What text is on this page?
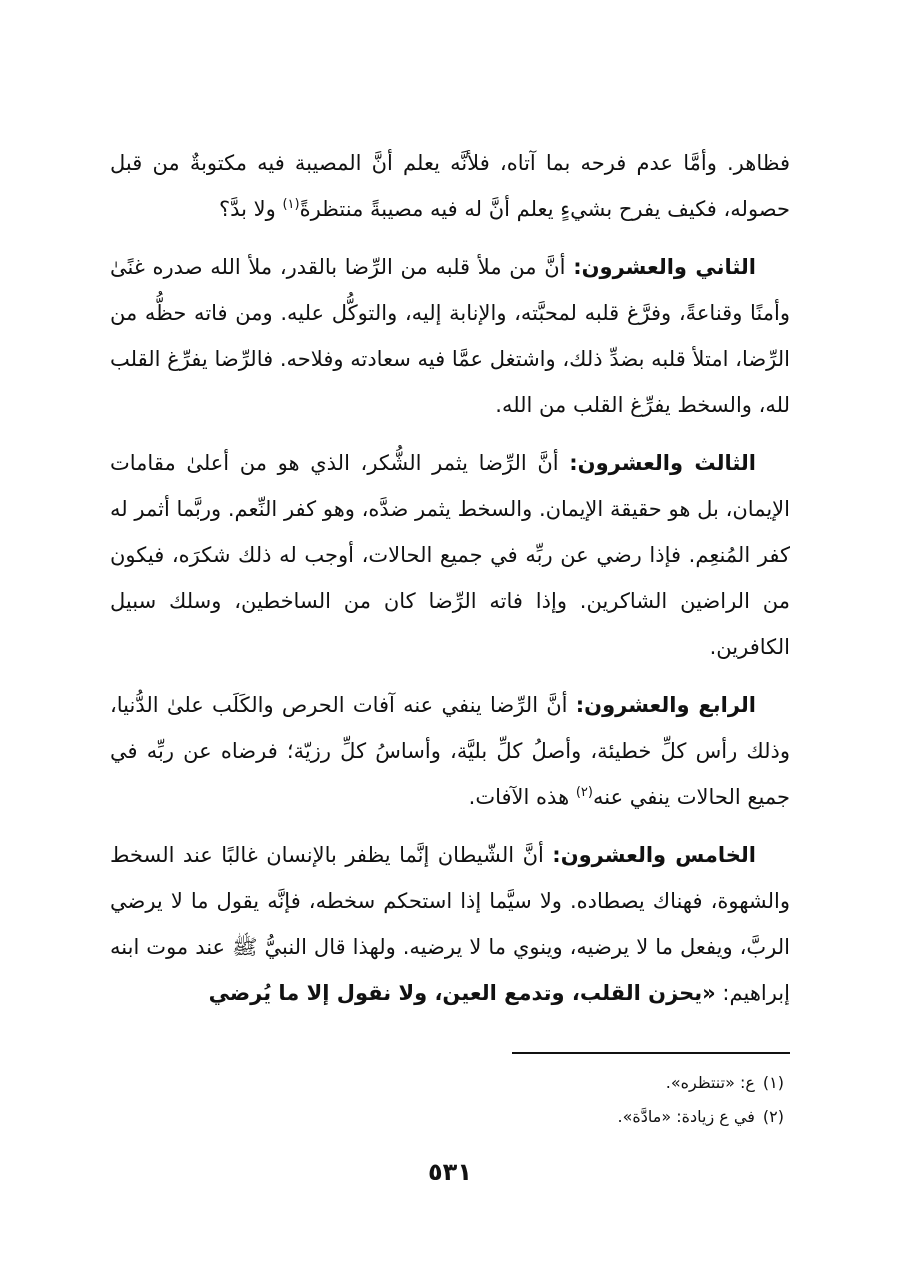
فظاهر. وأمَّا عدم فرحه بما آتاه، فلأنَّه يعلم أنَّ المصيبة فيه مكتوبةٌ من قبل حصوله، فكيف يفرح بشيءٍ يعلم أنَّ له فيه مصيبةً منتظرةً$^{(١)}$ ولا بدَّ؟

الثاني والعشرون: أنَّ من ملأ قلبه من الرِّضا بالقدر، ملأ الله صدره غنًىٰ وأمنًا وقناعةً، وفرَّغ قلبه لمحبَّته، والإنابة إليه، والتوكُّل عليه. ومن فاته حظُّه من الرِّضا، امتلأ قلبه بضدِّ ذلك، واشتغل عمَّا فيه سعادته وفلاحه. فالرِّضا يفرِّغ القلب لله، والسخط يفرِّغ القلب من الله.

الثالث والعشرون: أنَّ الرِّضا يثمر الشُّكر، الذي هو من أعلىٰ مقامات الإيمان، بل هو حقيقة الإيمان. والسخط يثمر ضدَّه، وهو كفر النِّعم. وربَّما أثمر له كفر المُنعِم. فإذا رضي عن ربِّه في جميع الحالات، أوجب له ذلك شكرَه، فيكون من الراضين الشاكرين. وإذا فاته الرِّضا كان من الساخطين، وسلك سبيل الكافرين.

الرابع والعشرون: أنَّ الرِّضا ينفي عنه آفات الحرص والكَلَب علىٰ الدُّنيا، وذلك رأس كلِّ خطيئة، وأصلُ كلِّ بليَّة، وأساسُ كلِّ رزيّة؛ فرضاه عن ربِّه في جميع الحالات ينفي عنه$^{(٢)}$ هذه الآفات.

الخامس والعشرون: أنَّ الشّيطان إنَّما يظفر بالإنسان غالبًا عند السخط والشهوة، فهناك يصطاده. ولا سيَّما إذا استحكم سخطه، فإنَّه يقول ما لا يرضي الربَّ، ويفعل ما لا يرضيه، وينوي ما لا يرضيه. ولهذا قال النبيُّ ﷺ عند موت ابنه إبراهيم: «يحزن القلب، وتدمع العين، ولا نقول إلا ما يُرضي

(١)ع: «تنتظره».
(٢)في ع زيادة: «مادَّة».
٥٣١
